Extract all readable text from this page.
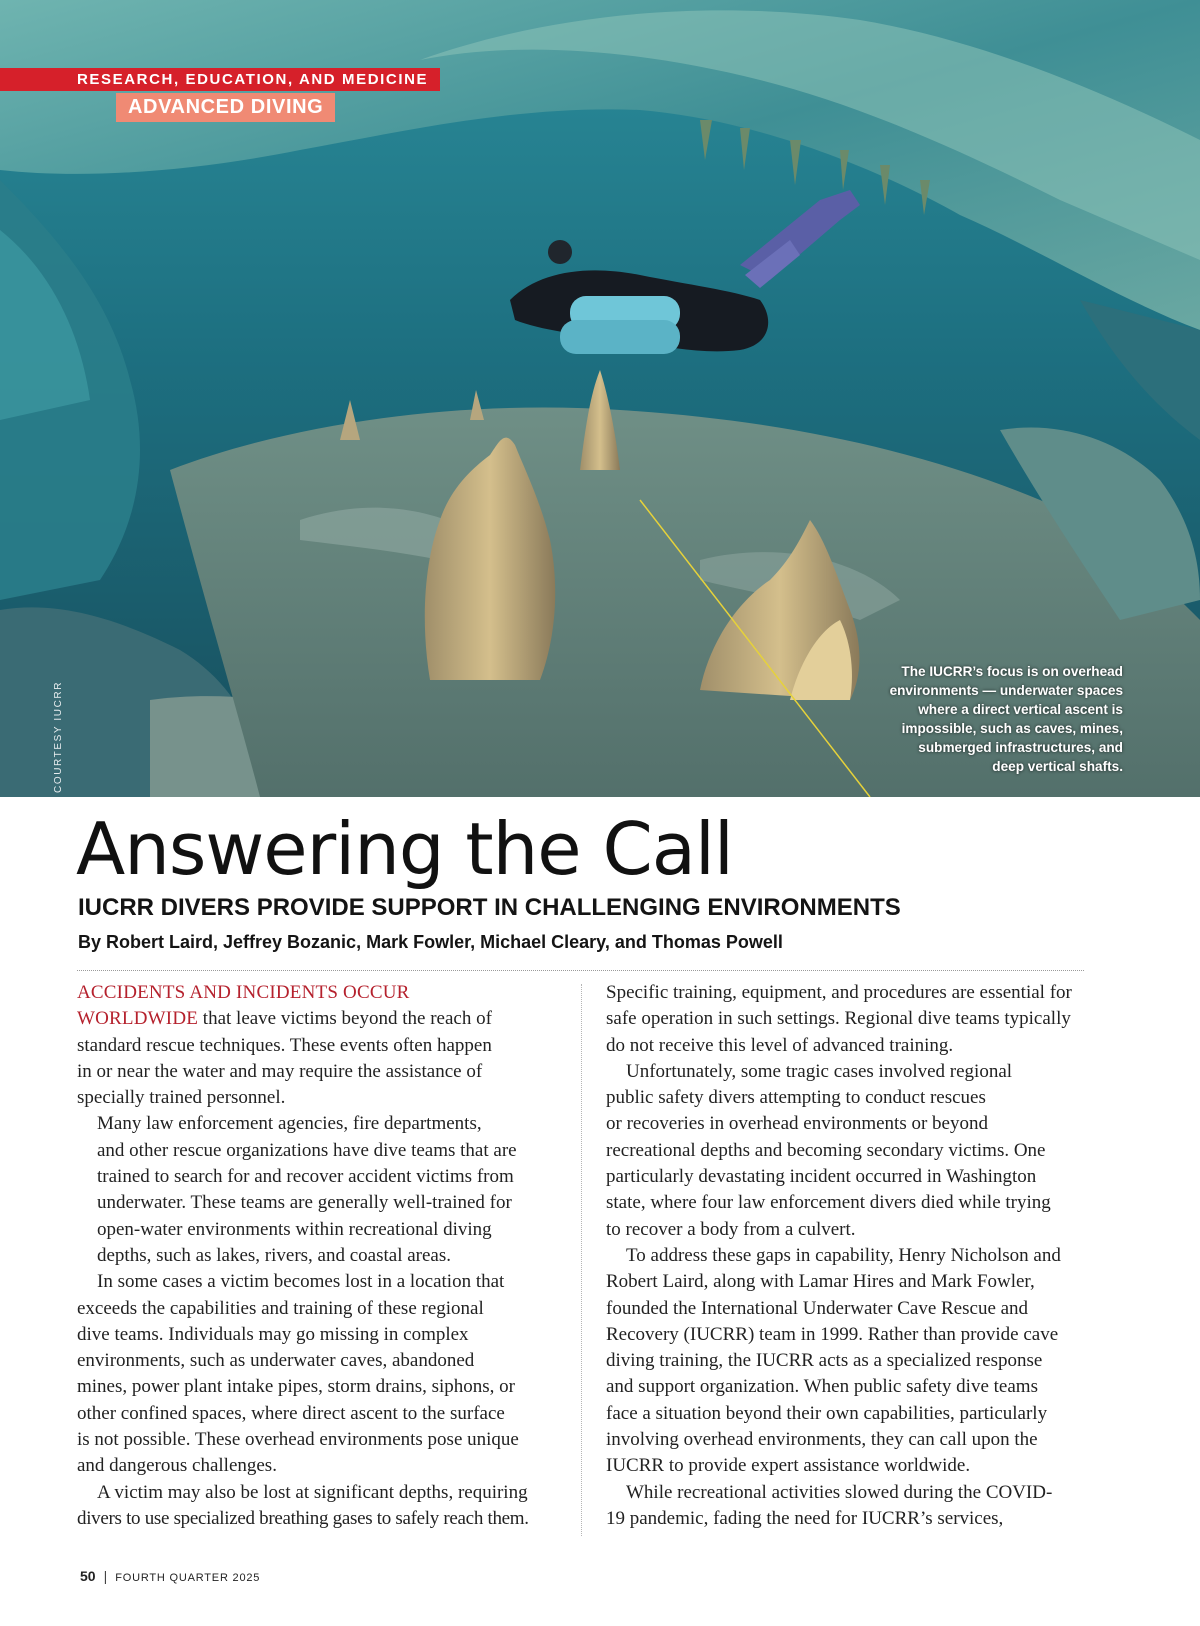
RESEARCH, EDUCATION, AND MEDICINE
ADVANCED DIVING
COURTESY IUCRR
The IUCRR’s focus is on overhead
environments — underwater spaces
where a direct vertical ascent is
impossible, such as caves, mines,
submerged infrastructures, and
deep vertical shafts.
Answering the Call
IUCRR DIVERS PROVIDE SUPPORT IN CHALLENGING ENVIRONMENTS

By Robert Laird, Jeffrey Bozanic, Mark Fowler, Michael Cleary, and Thomas Powell

ACCIDENTS AND INCIDENTS OCCUR
WORLDWIDE that leave victims beyond the reach of
standard rescue techniques. These events often happen
in or near the water and may require the assistance of
specially trained personnel.

Many law enforcement agencies, fire departments,
and other rescue organizations have dive teams that are
trained to search for and recover accident victims from
underwater. These teams are generally well-trained for
open-water environments within recreational diving
depths, such as lakes, rivers, and coastal areas.

In some cases a victim becomes lost in a location that
exceeds the capabilities and training of these regional
dive teams. Individuals may go missing in complex
environments, such as underwater caves, abandoned
mines, power plant intake pipes, storm drains, siphons, or
other confined spaces, where direct ascent to the surface
is not possible. These overhead environments pose unique
and dangerous challenges.

A victim may also be lost at significant depths, requiring
divers to use specialized breathing gases to safely reach them.

Specific training, equipment, and procedures are essential for
safe operation in such settings. Regional dive teams typically
do not receive this level of advanced training.

Unfortunately, some tragic cases involved regional
public safety divers attempting to conduct rescues
or recoveries in overhead environments or beyond
recreational depths and becoming secondary victims. One
particularly devastating incident occurred in Washington
state, where four law enforcement divers died while trying
to recover a body from a culvert.

To address these gaps in capability, Henry Nicholson and
Robert Laird, along with Lamar Hires and Mark Fowler,
founded the International Underwater Cave Rescue and
Recovery (IUCRR) team in 1999. Rather than provide cave
diving training, the IUCRR acts as a specialized response
and support organization. When public safety dive teams
face a situation beyond their own capabilities, particularly
involving overhead environments, they can call upon the
IUCRR to provide expert assistance worldwide.

While recreational activities slowed during the COVID-
19 pandemic, fading the need for IUCRR’s services,

50 | FOURTH QUARTER 2025
